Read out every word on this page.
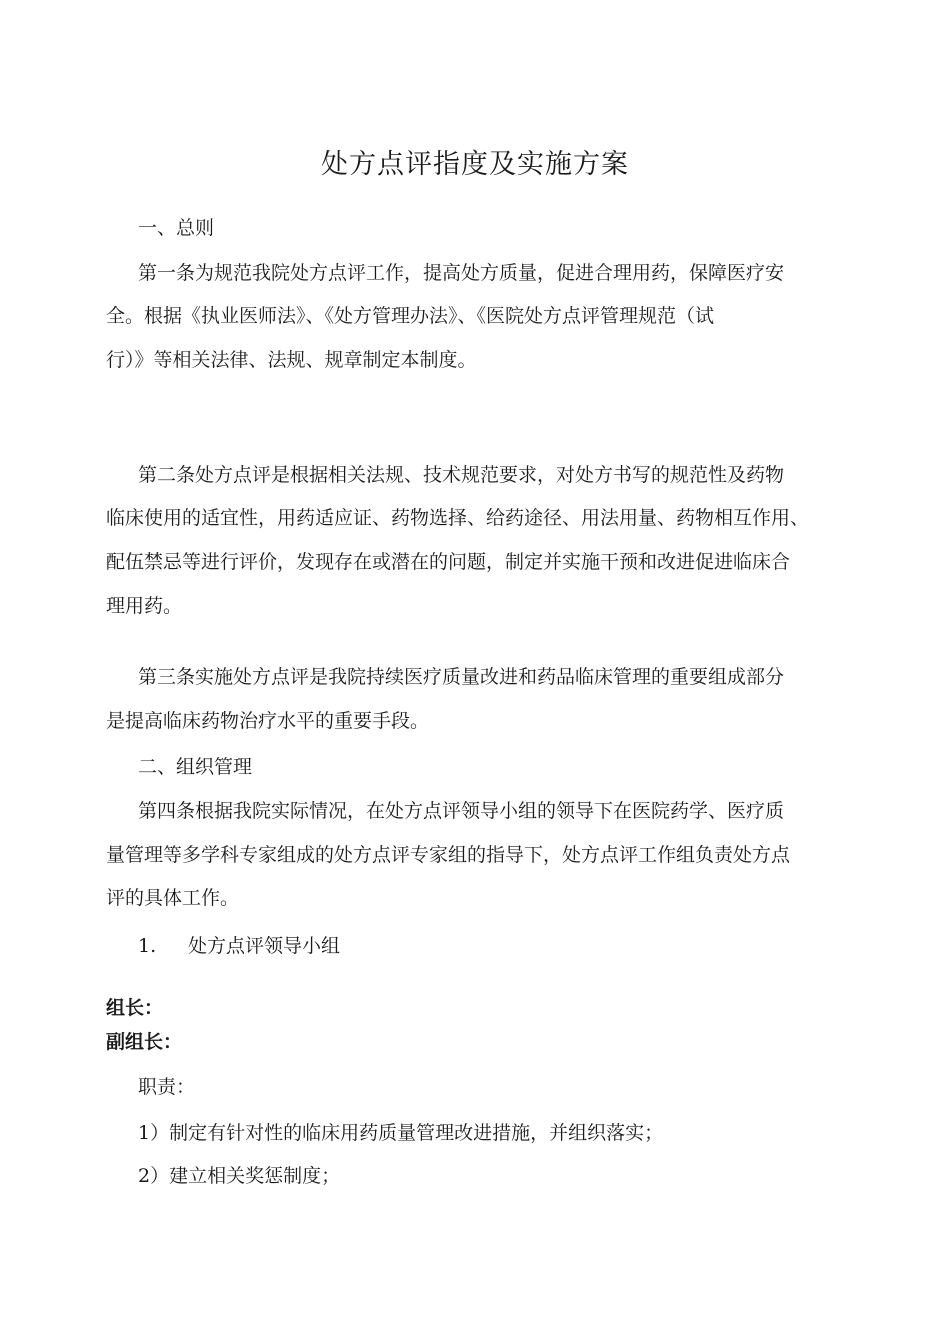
处方点评指度及实施方案
一、总则
第一条为规范我院处方点评工作，提高处方质量，促进合理用药，保障医疗安
全。根据《执业医师法》、《处方管理办法》、《医院处方点评管理规范（试
行）》等相关法律、法规、规章制定本制度。
第二条处方点评是根据相关法规、技术规范要求，对处方书写的规范性及药物
临床使用的适宜性，用药适应证、药物选择、给药途径、用法用量、药物相互作用、
配伍禁忌等进行评价，发现存在或潜在的问题，制定并实施干预和改进促进临床合
理用药。
第三条实施处方点评是我院持续医疗质量改进和药品临床管理的重要组成部分
是提高临床药物治疗水平的重要手段。
二、组织管理
第四条根据我院实际情况，在处方点评领导小组的领导下在医院药学、医疗质
量管理等多学科专家组成的处方点评专家组的指导下，处方点评工作组负责处方点
评的具体工作。
1. 处方点评领导小组
组长：
副组长：
职责：
1）制定有针对性的临床用药质量管理改进措施，并组织落实；
2）建立相关奖惩制度；
